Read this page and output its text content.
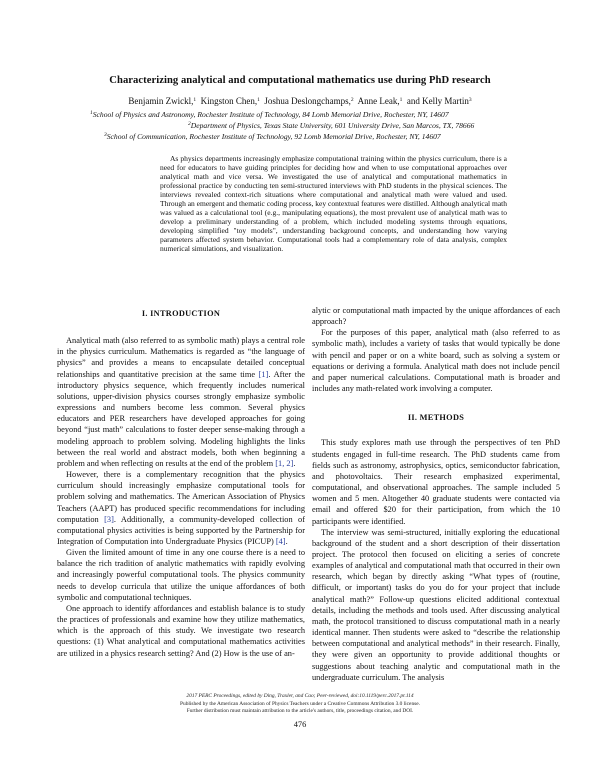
Characterizing analytical and computational mathematics use during PhD research
Benjamin Zwickl,$^1$ Kingston Chen,$^1$ Joshua Deslongchamps,$^2$ Anne Leak,$^1$ and Kelly Martin$^3$
$^1$School of Physics and Astronomy, Rochester Institute of Technology, 84 Lomb Memorial Drive, Rochester, NY, 14607
$^2$Department of Physics, Texas State University, 601 University Drive, San Marcos, TX, 78666
$^3$School of Communication, Rochester Institute of Technology, 92 Lomb Memorial Drive, Rochester, NY, 14607

As physics departments increasingly emphasize computational training within the physics curriculum, there is a need for educators to have guiding principles for deciding how and when to use computational approaches over analytical math and vice versa. We investigated the use of analytical and computational mathematics in professional practice by conducting ten semi-structured interviews with PhD students in the physical sciences. The interviews revealed context-rich situations where computational and analytical math were valued and used. Through an emergent and thematic coding process, key contextual features were distilled. Although analytical math was valued as a calculational tool (e.g., manipulating equations), the most prevalent use of analytical math was to develop a preliminary understanding of a problem, which included modeling systems through equations, developing simplified "toy models", understanding background concepts, and understanding how varying parameters affected system behavior. Computational tools had a complementary role of data analysis, complex numerical simulations, and visualization.

I. INTRODUCTION

Analytical math (also referred to as symbolic math) plays a central role in the physics curriculum. Mathematics is regarded as “the language of physics” and provides a means to encapsulate detailed conceptual relationships and quantitative precision at the same time [1]. After the introductory physics sequence, which frequently includes numerical solutions, upper-division physics courses strongly emphasize symbolic expressions and numbers become less common. Several physics educators and PER researchers have developed approaches for going beyond “just math” calculations to foster deeper sense-making through a modeling approach to problem solving. Modeling highlights the links between the real world and abstract models, both when beginning a problem and when reflecting on results at the end of the problem [1, 2].

However, there is a complementary recognition that the physics curriculum should increasingly emphasize computational tools for problem solving and mathematics. The American Association of Physics Teachers (AAPT) has produced specific recommendations for including computation [3]. Additionally, a community-developed collection of computational physics activities is being supported by the Partnership for Integration of Computation into Undergraduate Physics (PICUP) [4].

Given the limited amount of time in any one course there is a need to balance the rich tradition of analytic mathematics with rapidly evolving and increasingly powerful computational tools. The physics community needs to develop curricula that utilize the unique affordances of both symbolic and computational techniques.

One approach to identify affordances and establish balance is to study the practices of professionals and examine how they utilize mathematics, which is the approach of this study. We investigate two research questions: (1) What analytical and computational mathematics activities are utilized in a physics research setting? And (2) How is the use of an-

alytic or computational math impacted by the unique affordances of each approach?

For the purposes of this paper, analytical math (also referred to as symbolic math), includes a variety of tasks that would typically be done with pencil and paper or on a white board, such as solving a system or equations or deriving a formula. Analytical math does not include pencil and paper numerical calculations. Computational math is broader and includes any math-related work involving a computer.

II. METHODS

This study explores math use through the perspectives of ten PhD students engaged in full-time research. The PhD students came from fields such as astronomy, astrophysics, optics, semiconductor fabrication, and photovoltaics. Their research emphasized experimental, computational, and observational approaches. The sample included 5 women and 5 men. Altogether 40 graduate students were contacted via email and offered $20 for their participation, from which the 10 participants were identified.

The interview was semi-structured, initially exploring the educational background of the student and a short description of their dissertation project. The protocol then focused on eliciting a series of concrete examples of analytical and computational math that occurred in their own research, which began by directly asking “What types of (routine, difficult, or important) tasks do you do for your project that include analytical math?” Follow-up questions elicited additional contextual details, including the methods and tools used. After discussing analytical math, the protocol transitioned to discuss computational math in a nearly identical manner. Then students were asked to “describe the relationship between computational and analytical methods” in their research. Finally, they were given an opportunity to provide additional thoughts or suggestions about teaching analytic and computational math in the undergraduate curriculum. The analysis

2017 PERC Proceedings, edited by Ding, Traxler, and Cao; Peer-reviewed, doi:10.1119/perc.2017.pr.114
Published by the American Association of Physics Teachers under a Creative Commons Attribution 3.0 license.
Further distribution must maintain attribution to the article's authors, title, proceedings citation, and DOI.
476
